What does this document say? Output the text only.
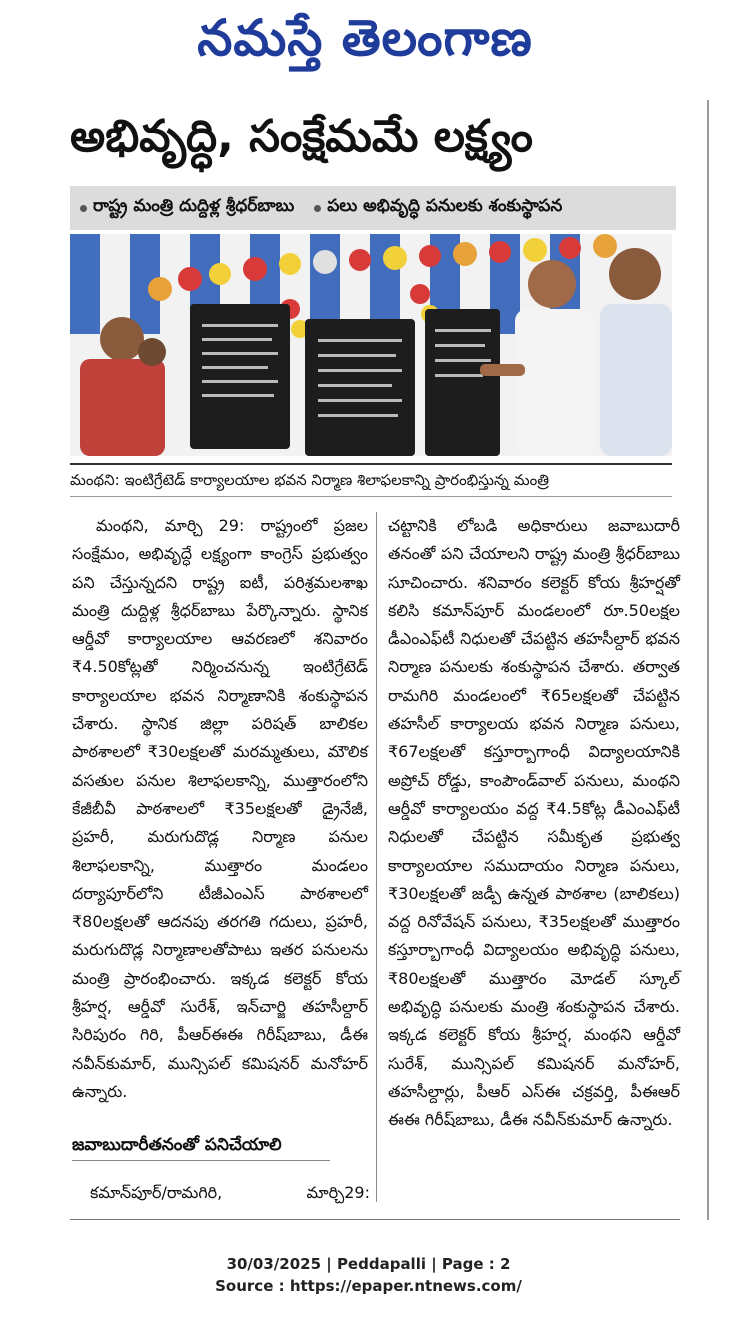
నమస్తే తెలంగాణ
అభివృద్ధి, సంక్షేమమే లక్ష్యం
రాష్ట్ర మంత్రి దుద్దిళ్ల శ్రీధర్‌బాబు పలు అభివృద్ధి పనులకు శంకుస్థాపన
మంథని: ఇంటిగ్రేటెడ్ కార్యాలయాల భవన నిర్మాణ శిలాఫలకాన్ని ప్రారంభిస్తున్న మంత్రి

మంథని, మార్చి 29: రాష్ట్రంలో ప్రజల సంక్షేమం, అభివృద్ధే లక్ష్యంగా కాంగ్రెస్ ప్రభుత్వం పని చేస్తున్నదని రాష్ట్ర ఐటీ, పరిశ్రమలశాఖ మంత్రి దుద్దిళ్ల శ్రీధర్‌బాబు పేర్కొన్నారు. స్థానిక ఆర్డీవో కార్యాలయాల ఆవరణలో శనివారం ₹4.50కోట్లతో నిర్మించనున్న ఇంటిగ్రేటెడ్ కార్యాలయాల భవన నిర్మాణానికి శంకుస్థాపన చేశారు. స్థానిక జిల్లా పరిషత్ బాలికల పాఠశాలలో ₹30లక్షలతో మరమ్మతులు, మౌలిక వసతుల పనుల శిలాఫలకాన్ని, ముత్తారంలోని కేజీబీవీ పాఠశాలలో ₹35లక్షలతో డ్రైనేజీ, ప్రహరీ, మరుగుదొడ్ల నిర్మాణ పనుల శిలాఫలకాన్ని, ముత్తారం మండలం దర్యాపూర్‌లోని టీజీఎంఎస్ పాఠశాలలో ₹80లక్షలతో ఆదనపు తరగతి గదులు, ప్రహరీ, మరుగుదొడ్ల నిర్మాణాలతోపాటు ఇతర పనులను మంత్రి ప్రారంభించారు. ఇక్కడ కలెక్టర్ కోయ శ్రీహర్ష, ఆర్డీవో సురేశ్, ఇన్‌చార్జి తహసీల్దార్ సిరిపురం గిరి, పీఆర్‌ఈఈ గిరీష్‌బాబు, డీఈ నవీన్‌కుమార్, మున్సిపల్ కమిషనర్ మనోహర్ ఉన్నారు.

జవాబుదారీతనంతో పనిచేయాలి
కమాన్‌పూర్/రామగిరి,	మార్చి29:

చట్టానికి లోబడి అధికారులు జవాబుదారీ తనంతో పని చేయాలని రాష్ట్ర మంత్రి శ్రీధర్‌బాబు సూచించారు. శనివారం కలెక్టర్ కోయ శ్రీహర్షతో కలిసి కమాన్‌పూర్ మండలంలో రూ.50లక్షల డీఎంఎఫ్‌టీ నిధులతో చేపట్టిన తహసీల్దార్ భవన నిర్మాణ పనులకు శంకుస్థాపన చేశారు. తర్వాత రామగిరి మండలంలో ₹65లక్షలతో చేపట్టిన తహసీల్ కార్యాలయ భవన నిర్మాణ పనులు, ₹67లక్షలతో కస్తూర్బాగాంధీ విద్యాలయానికి అప్రోచ్ రోడ్డు, కాంపౌండ్‌వాల్ పనులు, మంథని ఆర్డీవో కార్యాలయం వద్ద ₹4.5కోట్ల డీఎంఎఫ్‌టీ నిధులతో చేపట్టిన సమీకృత ప్రభుత్వ కార్యాలయాల సముదాయం నిర్మాణ పనులు, ₹30లక్షలతో జడ్పీ ఉన్నత పాఠశాల (బాలికలు) వద్ద రినోవేషన్ పనులు, ₹35లక్షలతో ముత్తారం కస్తూర్బాగాంధీ విద్యాలయం అభివృద్ధి పనులు, ₹80లక్షలతో ముత్తారం మోడల్ స్కూల్ అభివృద్ధి పనులకు మంత్రి శంకుస్థాపన చేశారు. ఇక్కడ కలెక్టర్ కోయ శ్రీహర్ష, మంథని ఆర్డీవో సురేశ్, మున్సిపల్ కమిషనర్ మనోహర్, తహసీల్దార్లు, పీఆర్ ఎస్‌ఈ చక్రవర్తి, పీఈఆర్ ఈఈ గిరీష్‌బాబు, డీఈ నవీన్‌కుమార్ ఉన్నారు.

30/03/2025 | Peddapalli | Page : 2
Source : https://epaper.ntnews.com/
